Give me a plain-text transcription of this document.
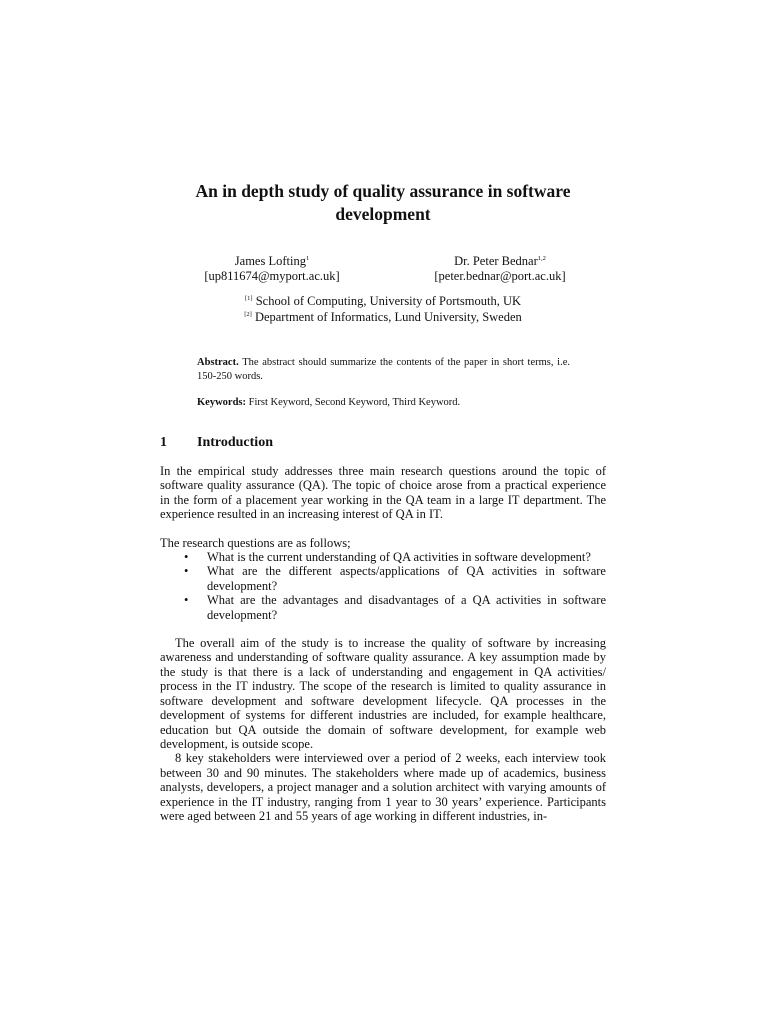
An in depth study of quality assurance in software development
James Lofting$^1$
[up811674@myport.ac.uk]
Dr. Peter Bednar$^{1,2}$
[peter.bednar@port.ac.uk]
[1] School of Computing, University of Portsmouth, UK
[2] Department of Informatics, Lund University, Sweden

Abstract. The abstract should summarize the contents of the paper in short terms, i.e. 150-250 words.

Keywords: First Keyword, Second Keyword, Third Keyword.

1 Introduction

In the empirical study addresses three main research questions around the topic of software quality assurance (QA). The topic of choice arose from a practical experience in the form of a placement year working in the QA team in a large IT department. The experience resulted in an increasing interest of QA in IT.

The research questions are as follows;

• What is the current understanding of QA activities in software development?
• What are the different aspects/applications of QA activities in software development?
• What are the advantages and disadvantages of a QA activities in software development?

The overall aim of the study is to increase the quality of software by increasing awareness and understanding of software quality assurance. A key assumption made by the study is that there is a lack of understanding and engagement in QA activities/ process in the IT industry. The scope of the research is limited to quality assurance in software development and software development lifecycle. QA processes in the development of systems for different industries are included, for example healthcare, education but QA outside the domain of software development, for example web development, is outside scope.

8 key stakeholders were interviewed over a period of 2 weeks, each interview took between 30 and 90 minutes. The stakeholders where made up of academics, business analysts, developers, a project manager and a solution architect with varying amounts of experience in the IT industry, ranging from 1 year to 30 years’ experience. Participants were aged between 21 and 55 years of age working in different industries, in-
